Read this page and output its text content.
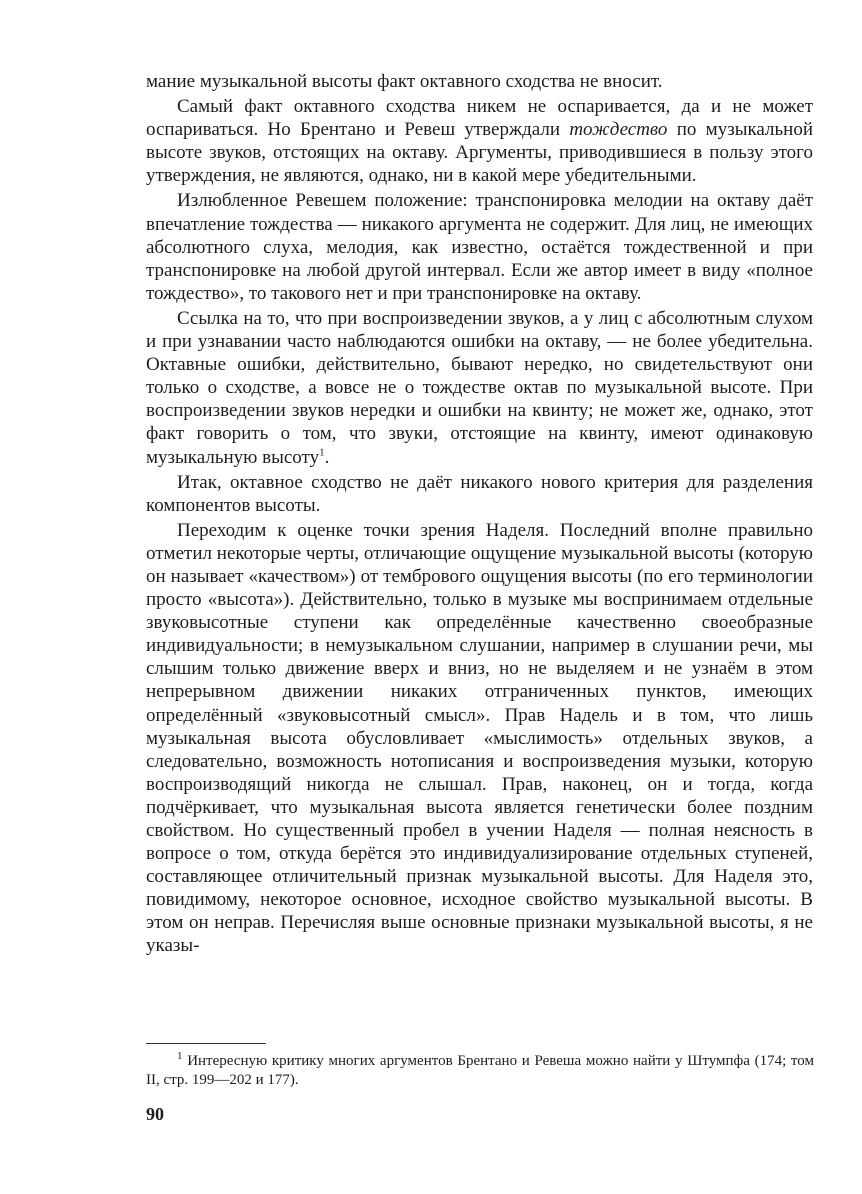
мание музыкальной высоты факт октавного сходства не вносит.

Самый факт октавного сходства никем не оспаривается, да и не может оспариваться. Но Брентано и Ревеш утверждали тождество по музыкальной высоте звуков, отстоящих на октаву. Аргументы, приводившиеся в пользу этого утверждения, не являются, однако, ни в какой мере убедительными.

Излюбленное Ревешем положение: транспонировка мелодии на октаву даёт впечатление тождества — никакого аргумента не содержит. Для лиц, не имеющих абсолютного слуха, мелодия, как известно, остаётся тождественной и при транспонировке на любой другой интервал. Если же автор имеет в виду «полное тождество», то такового нет и при транспонировке на октаву.

Ссылка на то, что при воспроизведении звуков, а у лиц с абсолютным слухом и при узнавании часто наблюдаются ошибки на октаву, — не более убедительна. Октавные ошибки, действительно, бывают нередко, но свидетельствуют они только о сходстве, а вовсе не о тождестве октав по музыкальной высоте. При воспроизведении звуков нередки и ошибки на квинту; не может же, однако, этот факт говорить о том, что звуки, отстоящие на квинту, имеют одинаковую музыкальную высоту$^1$.

Итак, октавное сходство не даёт никакого нового критерия для разделения компонентов высоты.

Переходим к оценке точки зрения Наделя. Последний вполне правильно отметил некоторые черты, отличающие ощущение музыкальной высоты (которую он называет «качеством») от тембрового ощущения высоты (по его терминологии просто «высота»). Действительно, только в музыке мы воспринимаем отдельные звуковысотные ступени как определённые качественно своеобразные индивидуальности; в немузыкальном слушании, например в слушании речи, мы слышим только движение вверх и вниз, но не выделяем и не узнаём в этом непрерывном движении никаких отграниченных пунктов, имеющих определённый «звуковысотный смысл». Прав Надель и в том, что лишь музыкальная высота обусловливает «мыслимость» отдельных звуков, а следовательно, возможность нотописания и воспроизведения музыки, которую воспроизводящий никогда не слышал. Прав, наконец, он и тогда, когда подчёркивает, что музыкальная высота является генетически более поздним свойством. Но существенный пробел в учении Наделя — полная неясность в вопросе о том, откуда берётся это индивидуализирование отдельных ступеней, составляющее отличительный признак музыкальной высоты. Для Наделя это, повидимому, некоторое основное, исходное свойство музыкальной высоты. В этом он неправ. Перечисляя выше основные признаки музыкальной высоты, я не указы-

$^1$ Интересную критику многих аргументов Брентано и Ревеша можно найти у Штумпфа (174; том II, стр. 199—202 и 177).
90
